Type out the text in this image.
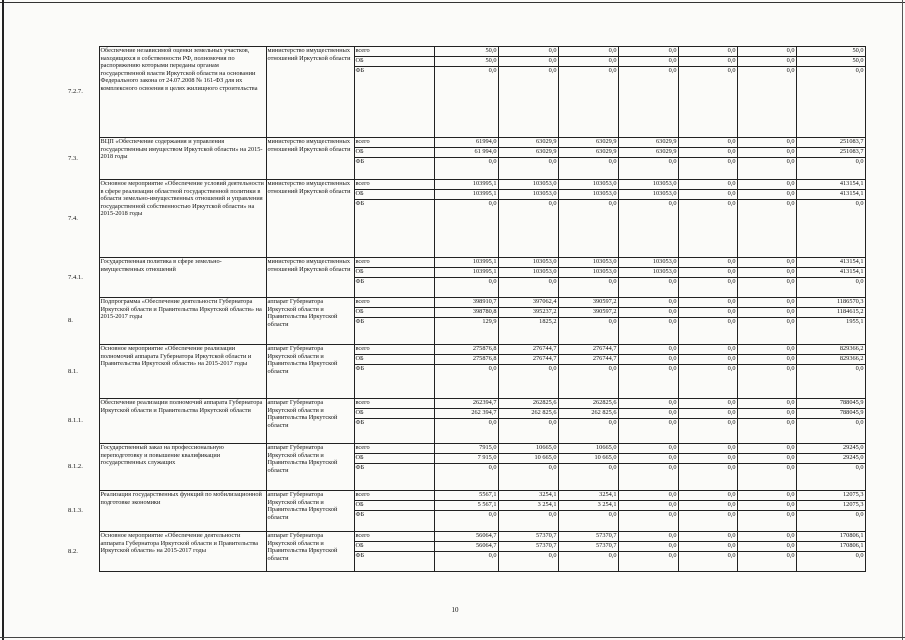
7.2.7.	Обеспечение независимой оценки земельных участков, находящихся в собственности РФ, полномочия по распоряжению которыми переданы органам государственной власти Иркутской области на основании Федерального закона от 24.07.2008 № 161-ФЗ для их комплексного освоения в целях жилищного строительства	министерство имущественных отношений Иркутской области	всего	50,0	0,0	0,0	0,0	0,0	0,0	50,0
			ОБ	50,0	0,0	0,0	0,0	0,0	0,0	50,0
			ФБ	0,0	0,0	0,0	0,0	0,0	0,0	0,0
7.3.	ВЦП «Обеспечение содержания и управления государственным имуществом Иркутской области» на 2015-2018 годы	министерство имущественных отношений Иркутской области	всего	61994,0	63029,9	63029,9	63029,9	0,0	0,0	251083,7
			ОБ	61 994,0	63029,9	63029,9	63029,9	0,0	0,0	251083,7
			ФБ	0,0	0,0	0,0	0,0	0,0	0,0	0,0
7.4.	Основное мероприятие «Обеспечение условий деятельности в сфере реализации областной государственной политики в области земельно-имущественных отношений и управления государственной собственностью Иркутской области» на 2015-2018 годы	министерство имущественных отношений Иркутской области	всего	103995,1	103053,0	103053,0	103053,0	0,0	0,0	413154,1
			ОБ	103995,1	103053,0	103053,0	103053,0	0,0	0,0	413154,1
			ФБ	0,0	0,0	0,0	0,0	0,0	0,0	0,0
7.4.1.	Государственная политика в сфере земельно-имущественных отношений	министерство имущественных отношений Иркутской области	всего	103995,1	103053,0	103053,0	103053,0	0,0	0,0	413154,1
			ОБ	103995,1	103053,0	103053,0	103053,0	0,0	0,0	413154,1
			ФБ	0,0	0,0	0,0	0,0	0,0	0,0	0,0
8.	Подпрограмма «Обеспечение деятельности Губернатора Иркутской области и Правительства Иркутской области» на 2015-2017 годы	аппарат Губернатора Иркутской области и Правительства Иркутской области	всего	398910,7	397062,4	390597,2	0,0	0,0	0,0	1186570,3
			ОБ	398780,8	395237,2	390597,2	0,0	0,0	0,0	1184615,2
			ФБ	129,9	1825,2	0,0	0,0	0,0	0,0	1955,1
8.1.	Основное мероприятие «Обеспечение реализации полномочий аппарата Губернатора Иркутской области и Правительства Иркутской области» на 2015-2017 годы	аппарат Губернатора Иркутской области и Правительства Иркутской области	всего	275876,8	276744,7	276744,7	0,0	0,0	0,0	829366,2
			ОБ	275876,8	276744,7	276744,7	0,0	0,0	0,0	829366,2
			ФБ	0,0	0,0	0,0	0,0	0,0	0,0	0,0
8.1.1.	Обеспечение реализации полномочий аппарата Губернатора Иркутской области и Правительства Иркутской области	аппарат Губернатора Иркутской области и Правительства Иркутской области	всего	262394,7	262825,6	262825,6	0,0	0,0	0,0	788045,9
			ОБ	262 394,7	262 825,6	262 825,6	0,0	0,0	0,0	788045,9
			ФБ	0,0	0,0	0,0	0,0	0,0	0,0	0,0
8.1.2.	Государственный заказ на профессиональную переподготовку и повышение квалификации государственных служащих	аппарат Губернатора Иркутской области и Правительства Иркутской области	всего	7915,0	10665,0	10665,0	0,0	0,0	0,0	29245,0
			ОБ	7 915,0	10 665,0	10 665,0	0,0	0,0	0,0	29245,0
			ФБ	0,0	0,0	0,0	0,0	0,0	0,0	0,0
8.1.3.	Реализация государственных функций по мобилизационной подготовке экономики	аппарат Губернатора Иркутской области и Правительства Иркутской области	всего	5567,1	3254,1	3254,1	0,0	0,0	0,0	12075,3
			ОБ	5 567,1	3 254,1	3 254,1	0,0	0,0	0,0	12075,3
			ФБ	0,0	0,0	0,0	0,0	0,0	0,0	0,0
8.2.	Основное мероприятие «Обеспечение деятельности аппарата Губернатора Иркутской области и Правительства Иркутской области» на 2015-2017 годы	аппарат Губернатора Иркутской области и Правительства Иркутской области	всего	56064,7	57370,7	57370,7	0,0	0,0	0,0	170806,1
			ОБ	56064,7	57370,7	57370,7	0,0	0,0	0,0	170806,1
			ФБ	0,0	0,0	0,0	0,0	0,0	0,0	0,0
10
